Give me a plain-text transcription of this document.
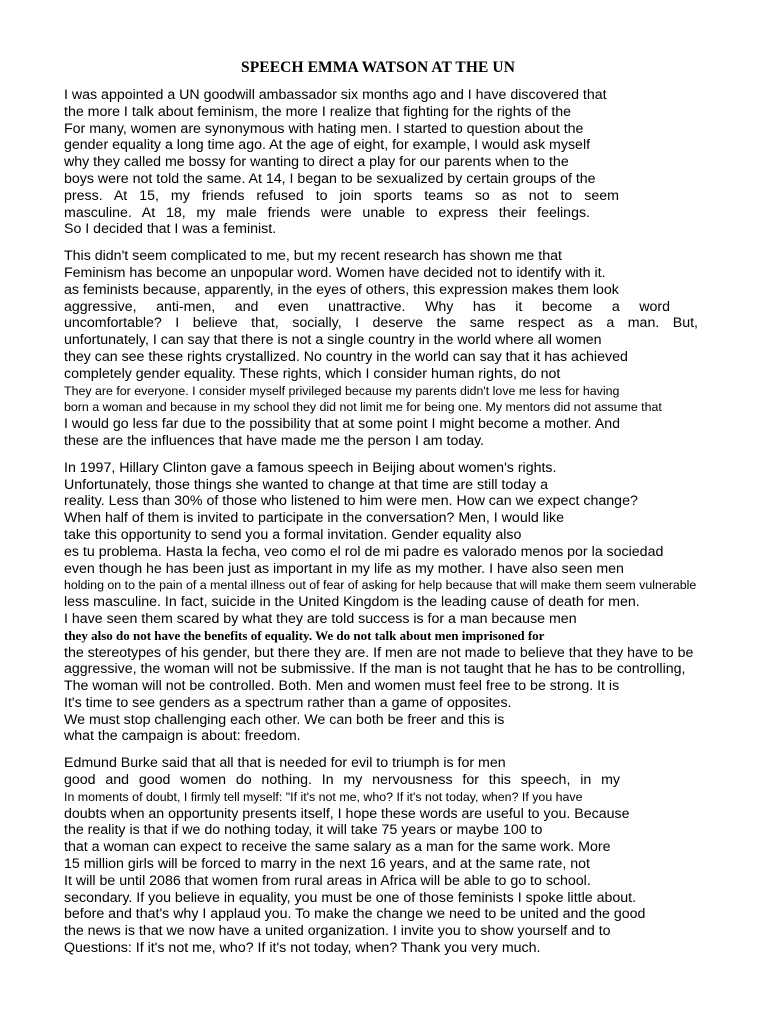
SPEECH EMMA WATSON AT THE UN
I was appointed a UN goodwill ambassador six months ago and I have discovered that
the more I talk about feminism, the more I realize that fighting for the rights of the
For many, women are synonymous with hating men. I started to question about the
gender equality a long time ago. At the age of eight, for example, I would ask myself
why they called me bossy for wanting to direct a play for our parents when to the
boys were not told the same. At 14, I began to be sexualized by certain groups of the
press. At 15, my friends refused to join sports teams so as not to seem
masculine. At 18, my male friends were unable to express their feelings.
So I decided that I was a feminist.
This didn't seem complicated to me, but my recent research has shown me that
Feminism has become an unpopular word. Women have decided not to identify with it.
as feminists because, apparently, in the eyes of others, this expression makes them look
aggressive, anti-men, and even unattractive. Why has it become a word
uncomfortable? I believe that, socially, I deserve the same respect as a man. But,
unfortunately, I can say that there is not a single country in the world where all women
they can see these rights crystallized. No country in the world can say that it has achieved
completely gender equality. These rights, which I consider human rights, do not
They are for everyone. I consider myself privileged because my parents didn't love me less for having
born a woman and because in my school they did not limit me for being one. My mentors did not assume that
I would go less far due to the possibility that at some point I might become a mother. And
these are the influences that have made me the person I am today.
In 1997, Hillary Clinton gave a famous speech in Beijing about women's rights.
Unfortunately, those things she wanted to change at that time are still today a
reality. Less than 30% of those who listened to him were men. How can we expect change?
When half of them is invited to participate in the conversation? Men, I would like
take this opportunity to send you a formal invitation. Gender equality also
es tu problema. Hasta la fecha, veo como el rol de mi padre es valorado menos por la sociedad
even though he has been just as important in my life as my mother. I have also seen men
holding on to the pain of a mental illness out of fear of asking for help because that will make them seem vulnerable
less masculine. In fact, suicide in the United Kingdom is the leading cause of death for men.
I have seen them scared by what they are told success is for a man because men
they also do not have the benefits of equality. We do not talk about men imprisoned for
the stereotypes of his gender, but there they are. If men are not made to believe that they have to be
aggressive, the woman will not be submissive. If the man is not taught that he has to be controlling,
The woman will not be controlled. Both. Men and women must feel free to be strong. It is
It's time to see genders as a spectrum rather than a game of opposites.
We must stop challenging each other. We can both be freer and this is
what the campaign is about: freedom.
Edmund Burke said that all that is needed for evil to triumph is for men
good and good women do nothing. In my nervousness for this speech, in my
In moments of doubt, I firmly tell myself: "If it's not me, who? If it's not today, when? If you have
doubts when an opportunity presents itself, I hope these words are useful to you. Because
the reality is that if we do nothing today, it will take 75 years or maybe 100 to
that a woman can expect to receive the same salary as a man for the same work. More
15 million girls will be forced to marry in the next 16 years, and at the same rate, not
It will be until 2086 that women from rural areas in Africa will be able to go to school.
secondary. If you believe in equality, you must be one of those feminists I spoke little about.
before and that's why I applaud you. To make the change we need to be united and the good
the news is that we now have a united organization. I invite you to show yourself and to
Questions: If it's not me, who? If it's not today, when? Thank you very much.
